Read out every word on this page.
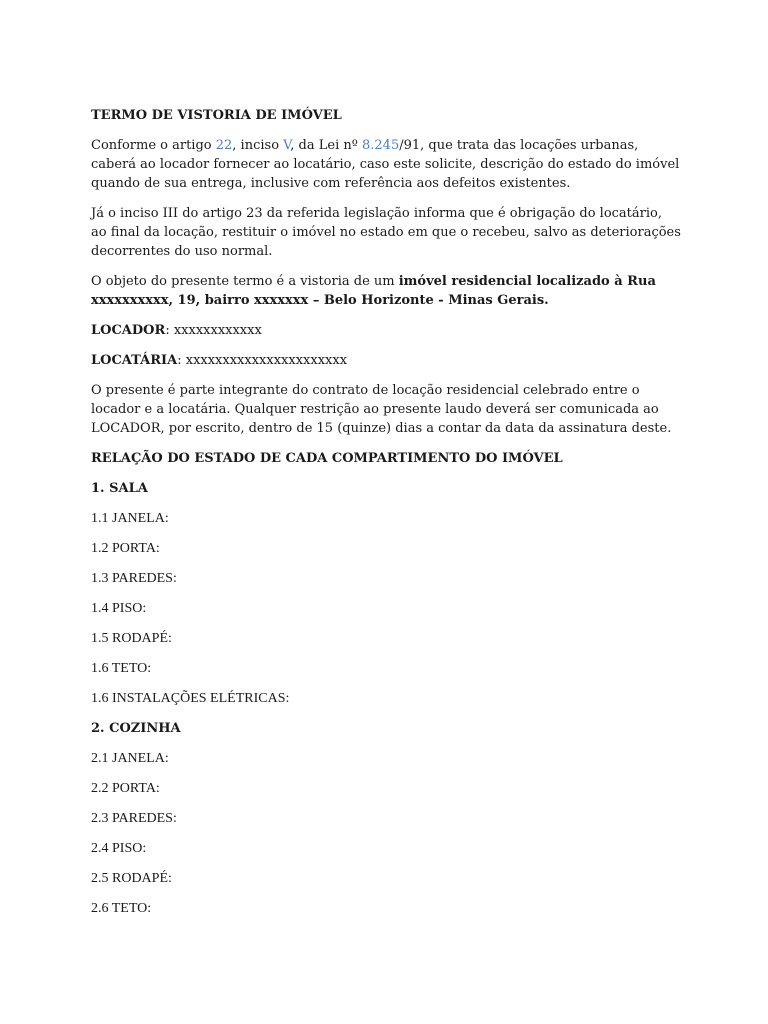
TERMO DE VISTORIA DE IMÓVEL

Conforme o artigo 22, inciso V, da Lei nº 8.245/91, que trata das locações urbanas, caberá ao locador fornecer ao locatário, caso este solicite, descrição do estado do imóvel quando de sua entrega, inclusive com referência aos defeitos existentes.

Já o inciso III do artigo 23 da referida legislação informa que é obrigação do locatário, ao final da locação, restituir o imóvel no estado em que o recebeu, salvo as deteriorações decorrentes do uso normal.

O objeto do presente termo é a vistoria de um imóvel residencial localizado à Rua xxxxxxxxxx, 19, bairro xxxxxxx – Belo Horizonte - Minas Gerais.

LOCADOR: xxxxxxxxxxxx

LOCATÁRIA: xxxxxxxxxxxxxxxxxxxxxx

O presente é parte integrante do contrato de locação residencial celebrado entre o locador e a locatária. Qualquer restrição ao presente laudo deverá ser comunicada ao LOCADOR, por escrito, dentro de 15 (quinze) dias a contar da data da assinatura deste.

RELAÇÃO DO ESTADO DE CADA COMPARTIMENTO DO IMÓVEL
1. SALA
1.1 JANELA:
1.2 PORTA:
1.3 PAREDES:
1.4 PISO:
1.5 RODAPÉ:
1.6 TETO:
1.6 INSTALAÇÕES ELÉTRICAS:
2. COZINHA
2.1 JANELA:
2.2 PORTA:
2.3 PAREDES:
2.4 PISO:
2.5 RODAPÉ:
2.6 TETO:
